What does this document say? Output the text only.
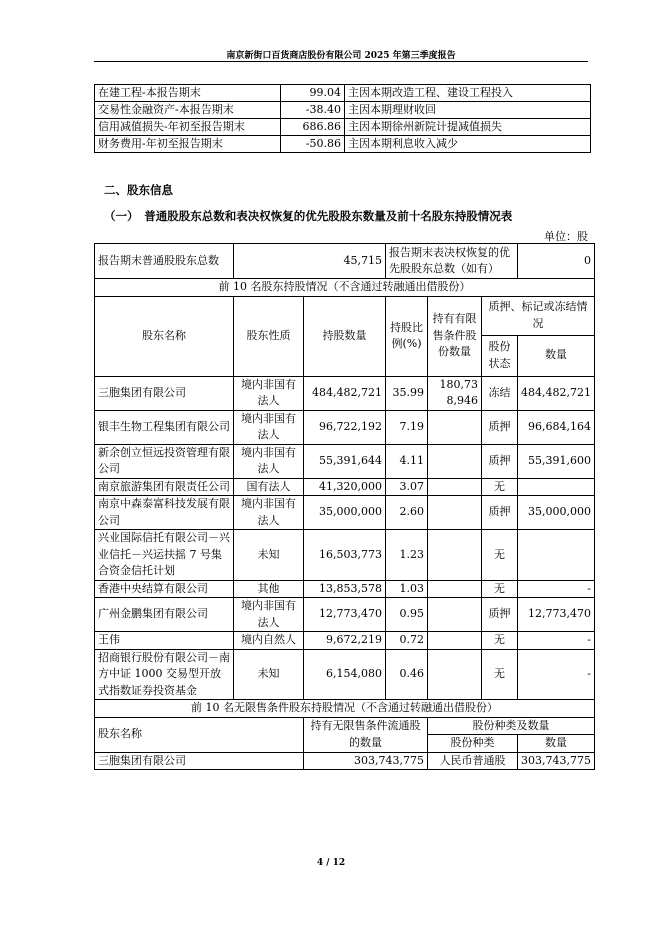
南京新街口百货商店股份有限公司 2025 年第三季度报告
在建工程-本报告期末	99.04	主因本期改造工程、建设工程投入
交易性金融资产-本报告期末	-38.40	主因本期理财收回
信用减值损失-年初至报告期末	686.86	主因本期徐州新院计提减值损失
财务费用-年初至报告期末	-50.86	主因本期利息收入减少
二、股东信息
（一）　普通股股东总数和表决权恢复的优先股股东数量及前十名股东持股情况表
单位：股
报告期末普通股股东总数	45,715		报告期末表决权恢复的优先股股东总数（如有）			0
前 10 名股东持股情况（不含通过转融通出借股份）						
股东名称	股东性质	持股数量	持股比例(%)	持有有限售条件股份数量	质押、标记或冻结情况	
					股份状态	数量
三胞集团有限公司	境内非国有法人	484,482,721	35.99	180,738,946	冻结	484,482,721
银丰生物工程集团有限公司	境内非国有法人	96,722,192	7.19		质押	96,684,164
新余创立恒远投资管理有限公司	境内非国有法人	55,391,644	4.11		质押	55,391,600
南京旅游集团有限责任公司	国有法人	41,320,000	3.07		无	
南京中森泰富科技发展有限公司	境内非国有法人	35,000,000	2.60		质押	35,000,000
兴业国际信托有限公司－兴业信托－兴运扶摇 7 号集合资金信托计划	未知	16,503,773	1.23		无	
香港中央结算有限公司	其他	13,853,578	1.03		无	-
广州金鹏集团有限公司	境内非国有法人	12,773,470	0.95		质押	12,773,470
王伟	境内自然人	9,672,219	0.72		无	-
招商银行股份有限公司－南方中证 1000 交易型开放式指数证券投资基金	未知	6,154,080	0.46		无	-
前 10 名无限售条件股东持股情况（不含通过转融通出借股份）						
股东名称		持有无限售条件流通股的数量		股份种类及数量		
				股份种类		数量
三胞集团有限公司		303,743,775		人民币普通股		303,743,775
4 / 12
